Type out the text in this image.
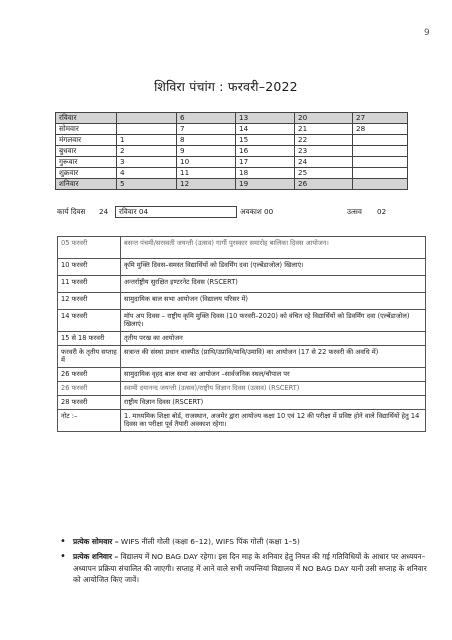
9
शिविरा पंचांग : फरवरी–2022
रविवार		6	13	20	27
सोमवार		7	14	21	28
मंगलवार	1	8	15	22	
बुधवार	2	9	16	23	
गुरूवार	3	10	17	24	
शुक्रवार	4	11	18	25	
शनिवार	5	12	19	26	
कार्य दिवस 24 रविवार 04	अवकाश 00	उत्सव 02
05 फरवरी	बसन्त पंचमी/सरस्वती जयन्ती (उत्सव) गार्गी पुरस्कार समारोह बालिका दिवस आयोजन।
10 फरवरी	कृमि मुक्ति दिवस–समस्त विद्यार्थियों को डिवर्मिंग दवा (एल्बेंडाजोल) खिलाएं।
11 फरवरी	अन्तर्राष्ट्रीय सुरक्षित इण्टरनेट दिवस (RSCERT)
12 फरवरी	सामुदायिक बाल सभा आयोजन (विद्यालय परिसर में)
14 फरवरी	मॉप अप दिवस – राष्ट्रीय कृमि मुक्ति दिवस (10 फरवरी–2020) को वंचित रहे विद्यार्थियों को डिवर्मिंग दवा (एल्बेंडाजोल) खिलाएं।
15 से 18 फरवरी	तृतीय परख का आयोजन
फरवरी के तृतीय सप्ताह में	सत्रान्त की संस्था प्रधान वाक्पीठ (प्राथि/उप्रावि/मावि/उमावि) का आयोजन (17 से 22 फरवरी की अवधि में)
26 फरवरी	सामुदायिक वृहद बाल सभा का आयोजन –सार्वजनिक स्थल/चौपाल पर
26 फरवरी	स्वामी दयानन्द जयन्ती (उत्सव)/राष्ट्रीय विज्ञान दिवस (उत्सव) (RSCERT)
28 फरवरी	राष्ट्रीय विज्ञान दिवस (RSCERT)
नोट :–	1. माध्यमिक शिक्षा बोर्ड, राजस्थान, अजमेर द्वारा आयोज्य कक्षा 10 एवं 12 की परीक्षा में प्रविष्ट होने वाले विद्यार्थियों हेतु 14 दिवस का परीक्षा पूर्व तैयारी अवकाश रहेगा।
• प्रत्येक सोमवार – WIFS नीली गोली (कक्षा 6–12), WIFS पिंक गोली (कक्षा 1–5)
• प्रत्येक शनिवार – विद्यालय में NO BAG DAY रहेगा। इस दिन माह के शनिवार हेतु नियत की गई गतिविधियों के आधार पर अध्ययन–अध्यापन प्रक्रिया संचालित की जाएगी। सप्ताह में आने वाले सभी जयन्तियां विद्यालय में NO BAG DAY यानी उसी सप्ताह के शनिवार को आयोजित किए जावें।
